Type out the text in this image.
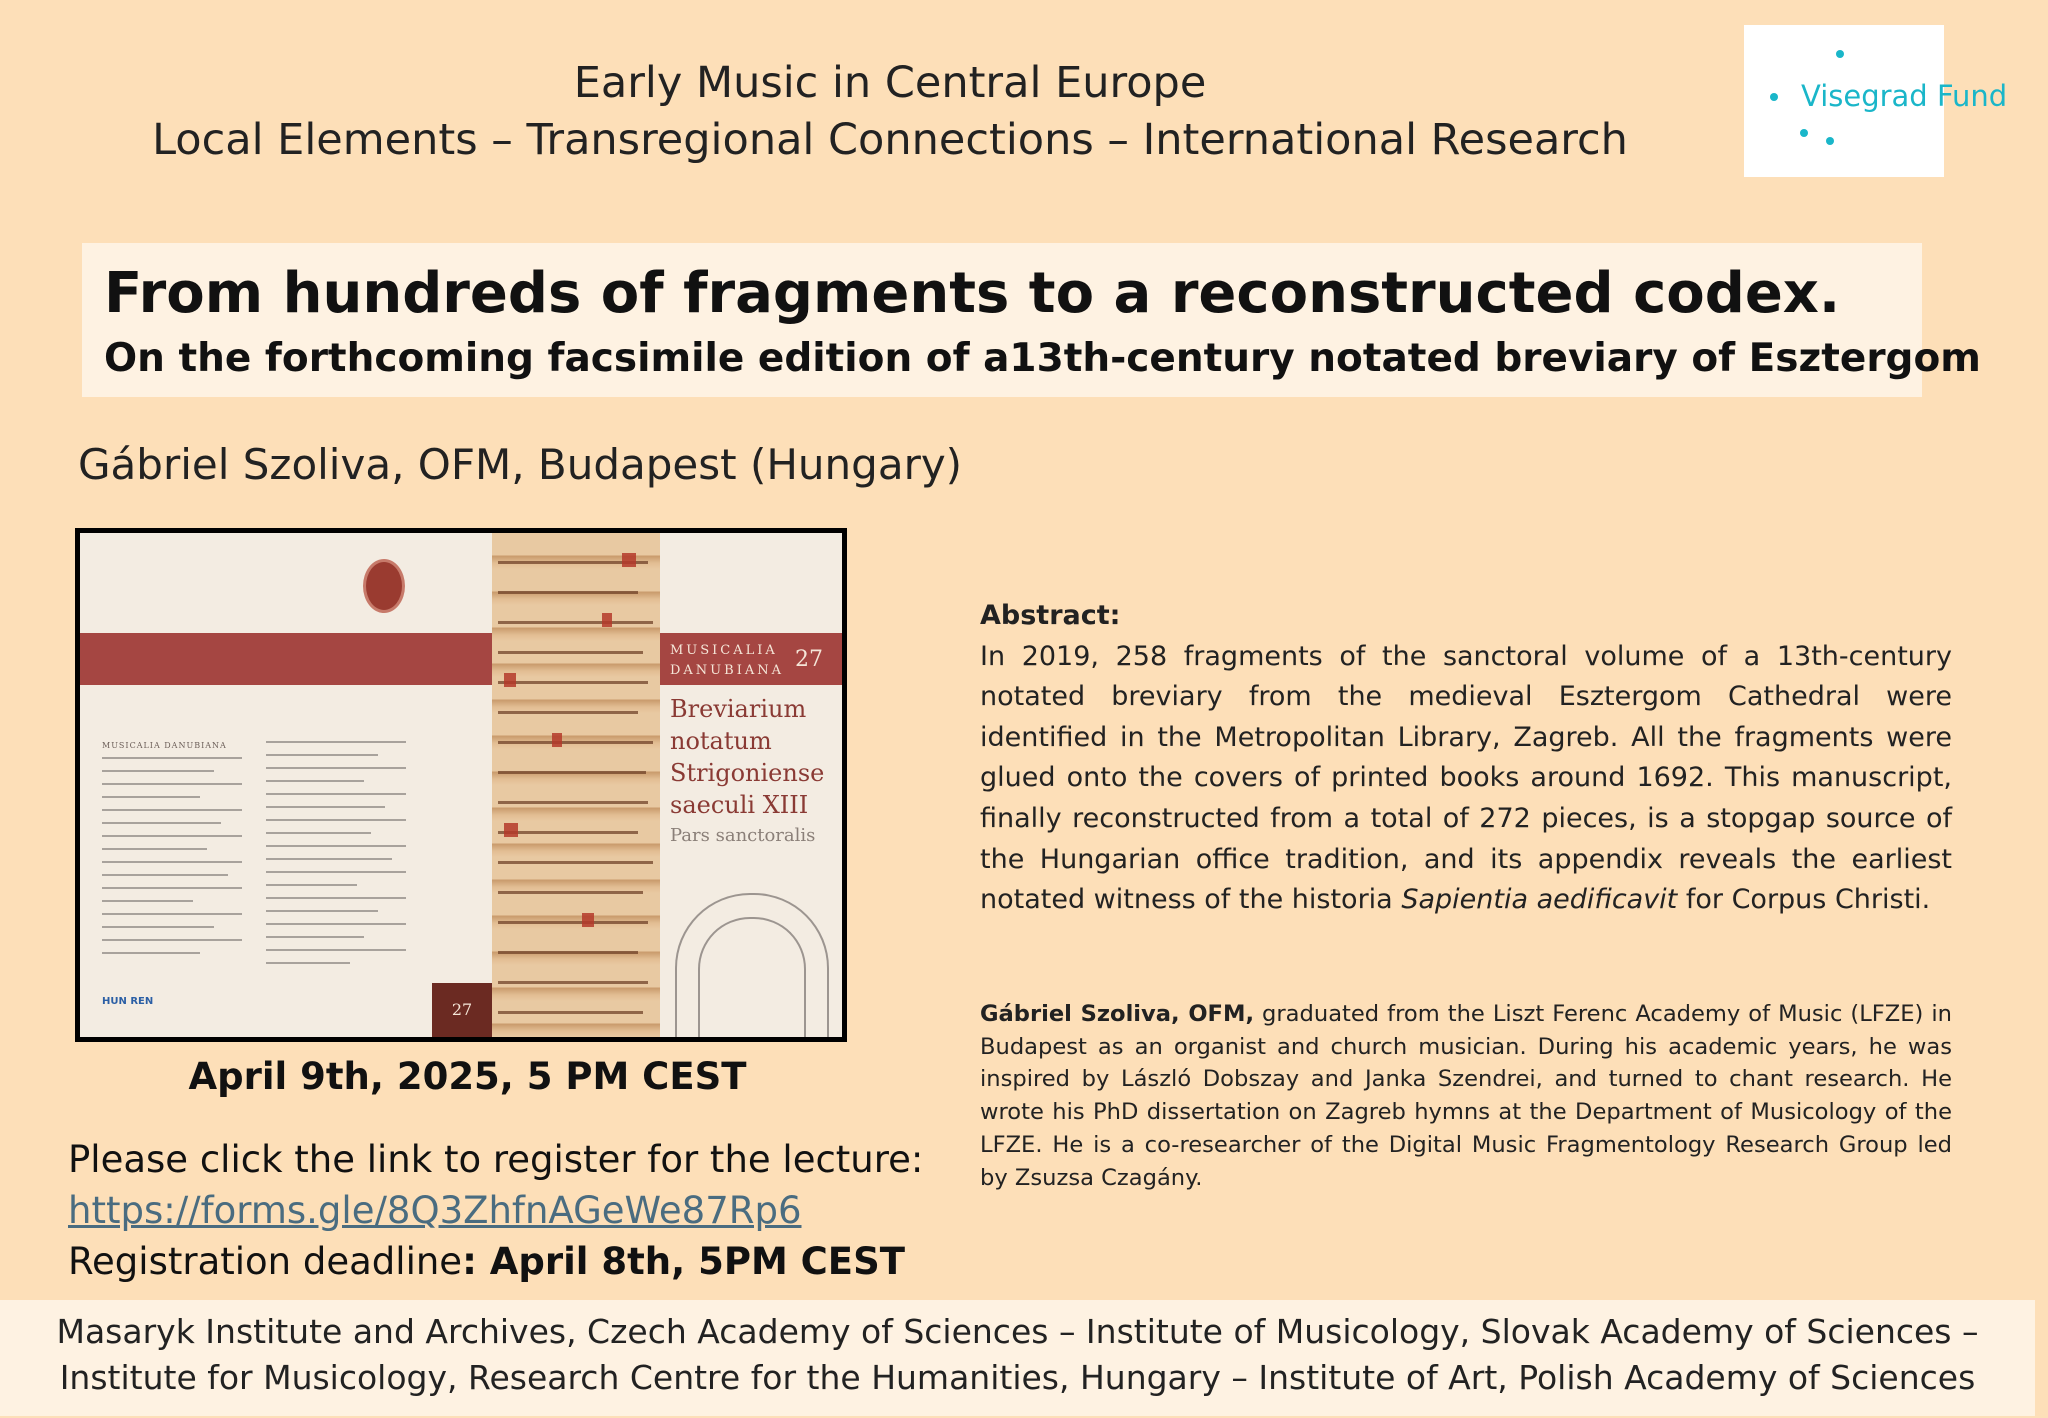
Early Music in Central Europe
Local Elements – Transregional Connections – International Research
Visegrad Fund
From hundreds of fragments to a reconstructed codex.
On the forthcoming facsimile edition of a13th-century notated breviary of Esztergom
Gábriel Szoliva, OFM, Budapest (Hungary)
MUSICALIA DANUBIANA
HUN REN	27
MUSICALIA DANUBIANA 27
Breviarium
notatum
Strigoniense
saeculi XIII
Pars sanctoralis
April 9th, 2025, 5 PM CEST
Please click the link to register for the lecture:
https://forms.gle/8Q3ZhfnAGeWe87Rp6
Registration deadline: April 8th, 5PM CEST
Abstract:
In 2019, 258 fragments of the sanctoral volume of a 13th-century notated breviary from the medieval Esztergom Cathedral were identified in the Metropolitan Library, Zagreb. All the fragments were glued onto the covers of printed books around 1692. This manuscript, finally reconstructed from a total of 272 pieces, is a stopgap source of the Hungarian office tradition, and its appendix reveals the earliest notated witness of the historia Sapientia aedificavit for Corpus Christi.
Gábriel Szoliva, OFM, graduated from the Liszt Ferenc Academy of Music (LFZE) in Budapest as an organist and church musician. During his academic years, he was inspired by László Dobszay and Janka Szendrei, and turned to chant research. He wrote his PhD dissertation on Zagreb hymns at the Department of Musicology of the LFZE. He is a co-researcher of the Digital Music Fragmentology Research Group led by Zsuzsa Czagány.
Masaryk Institute and Archives, Czech Academy of Sciences – Institute of Musicology, Slovak Academy of Sciences –
Institute for Musicology, Research Centre for the Humanities, Hungary – Institute of Art, Polish Academy of Sciences
